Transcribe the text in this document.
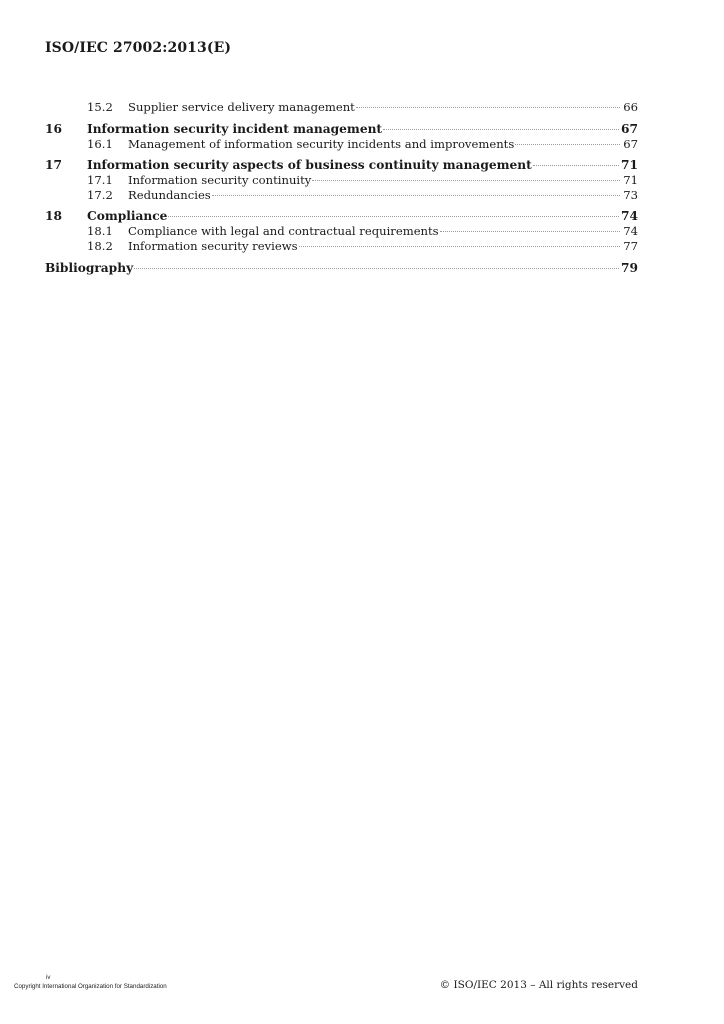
ISO/IEC 27002:2013(E)
15.2	Supplier service delivery management	66
16	Information security incident management	67
16.1	Management of information security incidents and improvements	67
17	Information security aspects of business continuity management	71
17.1	Information security continuity	71
17.2	Redundancies	73
18	Compliance	74
18.1	Compliance with legal and contractual requirements	74
18.2	Information security reviews	77
Bibliography	79
iv
Copyright International Organization for Standardization	© ISO/IEC 2013 – All rights reserved
